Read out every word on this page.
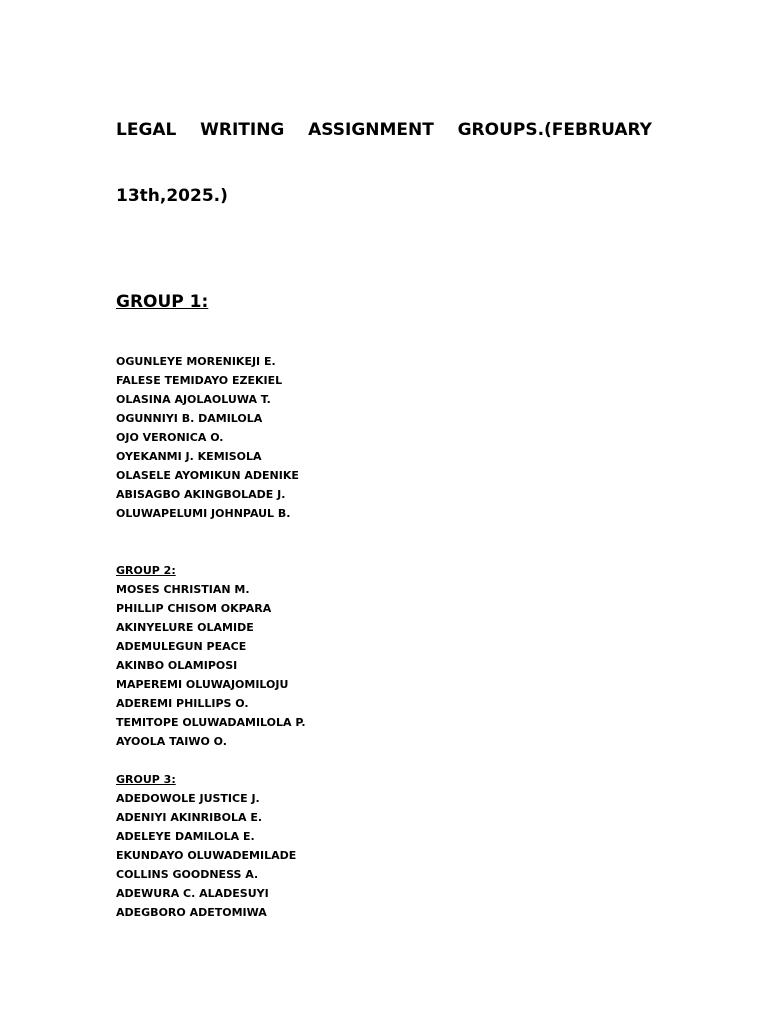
LEGAL WRITING ASSIGNMENT GROUPS.(FEBRUARY
13th,2025.)
GROUP 1:
OGUNLEYE MORENIKEJI E.
FALESE TEMIDAYO EZEKIEL
OLASINA AJOLAOLUWA T.
OGUNNIYI B. DAMILOLA
OJO VERONICA O.
OYEKANMI J. KEMISOLA
OLASELE AYOMIKUN ADENIKE
ABISAGBO AKINGBOLADE J.
OLUWAPELUMI JOHNPAUL B.
GROUP 2:
MOSES CHRISTIAN M.
PHILLIP CHISOM OKPARA
AKINYELURE OLAMIDE
ADEMULEGUN PEACE
AKINBO OLAMIPOSI
MAPEREMI OLUWAJOMILOJU
ADEREMI PHILLIPS O.
TEMITOPE OLUWADAMILOLA P.
AYOOLA TAIWO O.
GROUP 3:
ADEDOWOLE JUSTICE J.
ADENIYI AKINRIBOLA E.
ADELEYE DAMILOLA E.
EKUNDAYO OLUWADEMILADE
COLLINS GOODNESS A.
ADEWURA C. ALADESUYI
ADEGBORO ADETOMIWA
